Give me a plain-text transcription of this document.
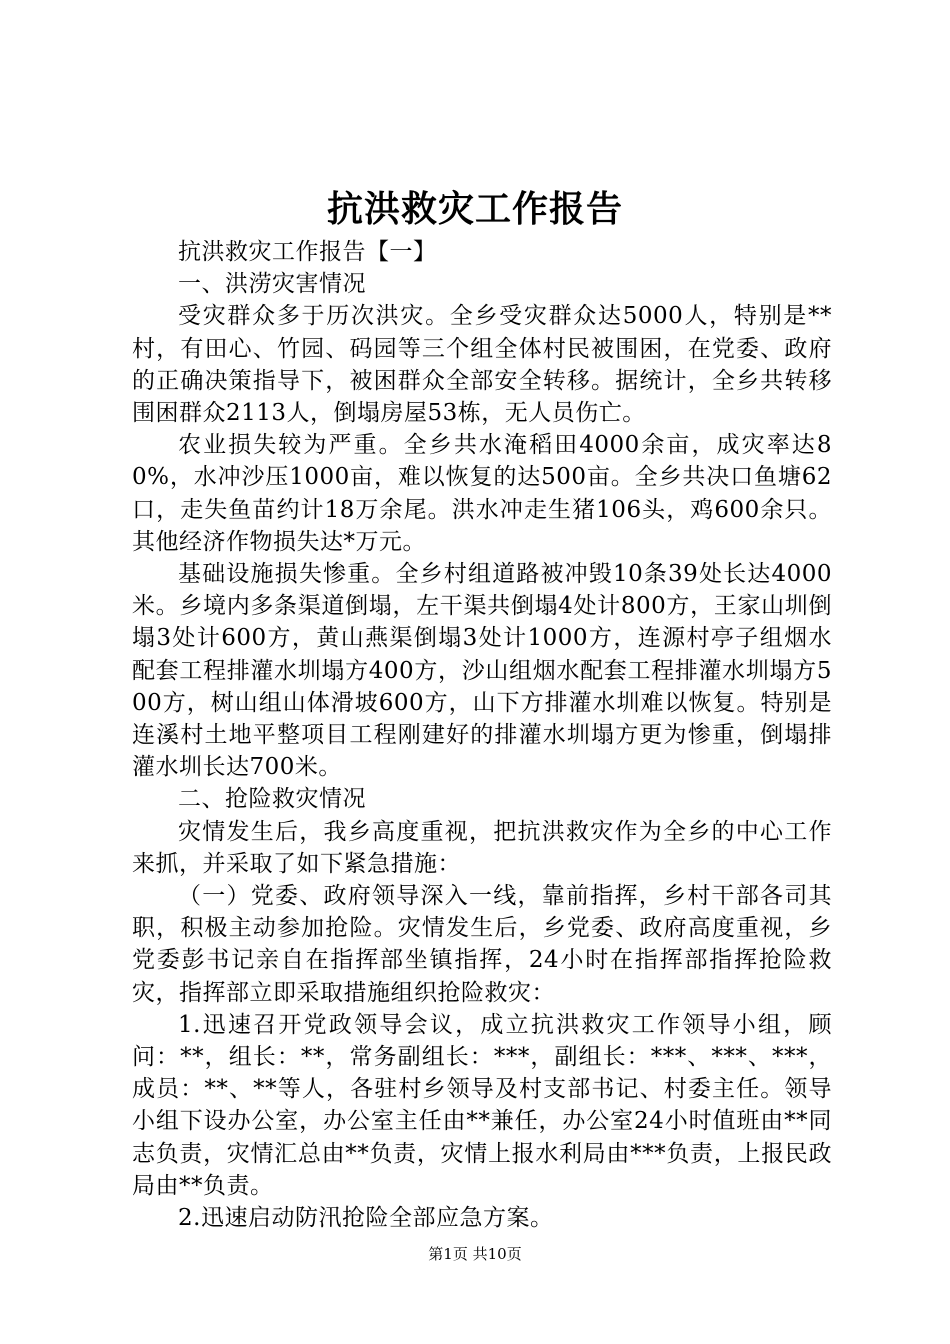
抗洪救灾工作报告

抗洪救灾工作报告【一】

一、洪涝灾害情况

受灾群众多于历次洪灾。全乡受灾群众达5000人，特别是**村，有田心、竹园、码园等三个组全体村民被围困，在党委、政府的正确决策指导下，被困群众全部安全转移。据统计，全乡共转移围困群众2113人，倒塌房屋53栋，无人员伤亡。

农业损失较为严重。全乡共水淹稻田4000余亩，成灾率达80%，水冲沙压1000亩，难以恢复的达500亩。全乡共决口鱼塘62口，走失鱼苗约计18万余尾。洪水冲走生猪106头，鸡600余只。其他经济作物损失达*万元。

基础设施损失惨重。全乡村组道路被冲毁10条39处长达4000米。乡境内多条渠道倒塌，左干渠共倒塌4处计800方，王家山圳倒塌3处计600方，黄山燕渠倒塌3处计1000方，连源村亭子组烟水配套工程排灌水圳塌方400方，沙山组烟水配套工程排灌水圳塌方500方，树山组山体滑坡600方，山下方排灌水圳难以恢复。特别是连溪村土地平整项目工程刚建好的排灌水圳塌方更为惨重，倒塌排灌水圳长达700米。

二、抢险救灾情况

灾情发生后，我乡高度重视，把抗洪救灾作为全乡的中心工作来抓，并采取了如下紧急措施：

（一）党委、政府领导深入一线，靠前指挥，乡村干部各司其职，积极主动参加抢险。灾情发生后，乡党委、政府高度重视，乡党委彭书记亲自在指挥部坐镇指挥，24小时在指挥部指挥抢险救灾，指挥部立即采取措施组织抢险救灾：

1.迅速召开党政领导会议，成立抗洪救灾工作领导小组，顾问：**，组长：**，常务副组长：***，副组长：***、***、***，成员：**、**等人，各驻村乡领导及村支部书记、村委主任。领导小组下设办公室，办公室主任由**兼任，办公室24小时值班由**同志负责，灾情汇总由**负责，灾情上报水利局由***负责，上报民政局由**负责。

2.迅速启动防汛抢险全部应急方案。

第1页 共10页
